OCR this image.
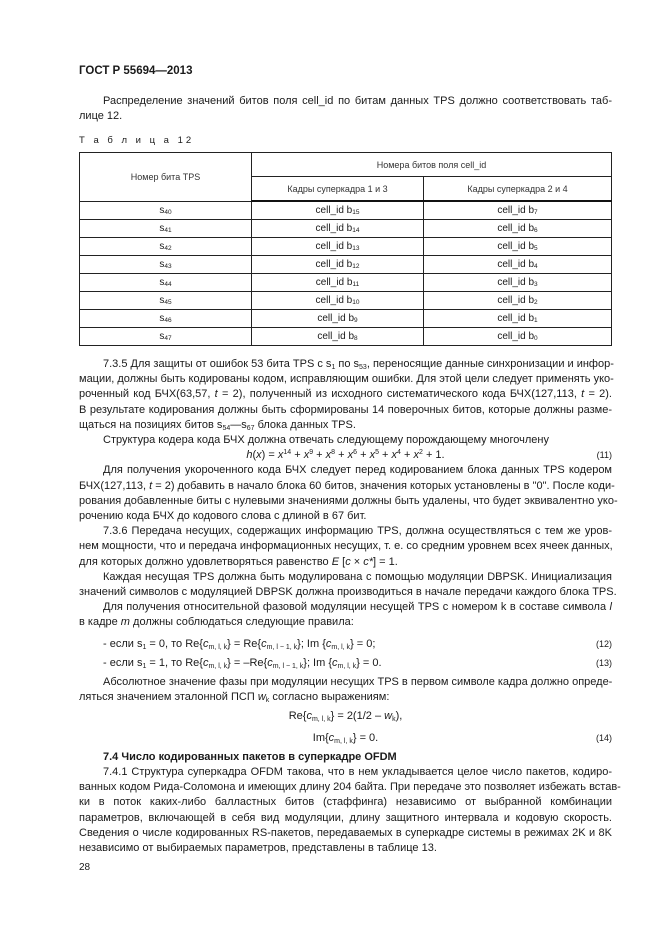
ГОСТ Р 55694—2013
Распределение значений битов поля cell_id по битам данных TPS должно соответствовать таб-
лице 12.
Т а б л и ц а 12
Номер бита TPS	Номера битов поля cell_id	
	Кадры суперкадра 1 и 3	Кадры суперкадра 2 и 4
$s_{40}$	cell_id $b_{15}$	cell_id $b_7$
$s_{41}$	cell_id $b_{14}$	cell_id $b_6$
$s_{42}$	cell_id $b_{13}$	cell_id $b_5$
$s_{43}$	cell_id $b_{12}$	cell_id $b_4$
$s_{44}$	cell_id $b_{11}$	cell_id $b_3$
$s_{45}$	cell_id $b_{10}$	cell_id $b_2$
$s_{46}$	cell_id $b_9$	cell_id $b_1$
$s_{47}$	cell_id $b_8$	cell_id $b_0$
7.3.5 Для защиты от ошибок 53 бита TPS с $s_1$ по $s_{53}$, переносящие данные синхронизации и инфор-
мации, должны быть кодированы кодом, исправляющим ошибки. Для этой цели следует применять уко-
роченный код БЧХ(63,57, t = 2), полученный из исходного систематического кода БЧХ(127,113, t = 2).
В результате кодирования должны быть сформированы 14 поверочных битов, которые должны разме-
щаться на позициях битов $s_{54}—s_{67}$ блока данных TPS.
Структура кодера кода БЧХ должна отвечать следующему порождающему многочлену
$h(x) = x^{14} + x^9 + x^8 + x^6 + x^5 + x^4 + x^2 + 1$.	(11)
Для получения укороченного кода БЧХ следует перед кодированием блока данных TPS кодером
БЧХ(127,113, t = 2) добавить в начало блока 60 битов, значения которых установлены в "0". После коди-
рования добавленные биты с нулевыми значениями должны быть удалены, что будет эквивалентно уко-
рочению кода БЧХ до кодового слова с длиной в 67 бит.
7.3.6 Передача несущих, содержащих информацию TPS, должна осуществляться с тем же уров-
нем мощности, что и передача информационных несущих, т. е. со средним уровнем всех ячеек данных,
для которых должно удовлетворяться равенство E [c × c*] = 1.
Каждая несущая TPS должна быть модулирована с помощью модуляции DBPSK. Инициализация
значений символов с модуляцией DBPSK должна производиться в начале передачи каждого блока TPS.
Для получения относительной фазовой модуляции несущей TPS с номером k в составе символа l
в кадре m должны соблюдаться следующие правила:
- если $s_1 = 0$, то $Re\{c_{m, l, k}\} = Re\{c_{m, l - 1, k}\}$; Im $\{c_{m, l, k}\} = 0$;	(12)
- если $s_1 = 1$, то $Re\{c_{m, l, k}\} = -Re\{c_{m, l - 1, k}\}$; Im $\{c_{m, l, k}\} = 0$.	(13)
Абсолютное значение фазы при модуляции несущих TPS в первом символе кадра должно опреде-
ляться значением эталонной ПСП $w_k$ согласно выражениям:
$Re\{c_{m, l, k}\} = 2(1/2 - w_k)$,
$Im\{c_{m, l, k}\} = 0$.	(14)
7.4 Число кодированных пакетов в суперкадре OFDM
7.4.1 Структура суперкадра OFDM такова, что в нем укладывается целое число пакетов, кодиро-
ванных кодом Рида-Соломона и имеющих длину 204 байта. При передаче это позволяет избежать встав-
ки в поток каких-либо балластных битов (стаффинга) независимо от выбранной комбинации
параметров, включающей в себя вид модуляции, длину защитного интервала и кодовую скорость.
Сведения о числе кодированных RS-пакетов, передаваемых в суперкадре системы в режимах 2K и 8K
независимо от выбираемых параметров, представлены в таблице 13.
28
